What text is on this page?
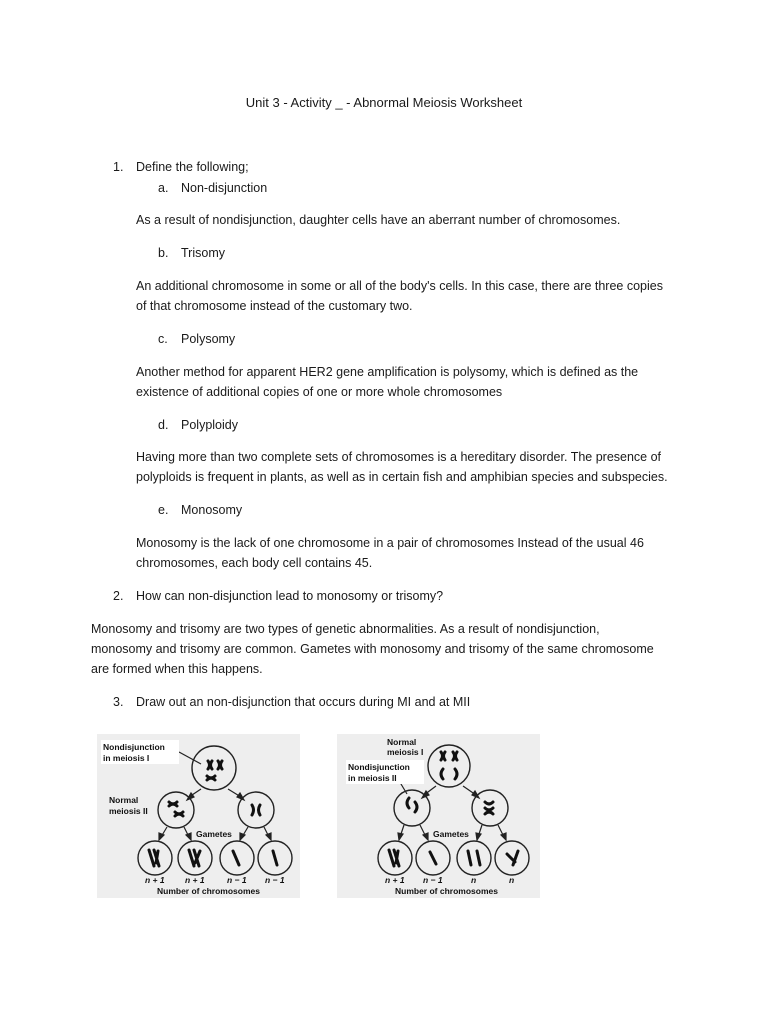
Unit 3 - Activity _ - Abnormal Meiosis Worksheet
1. Define the following;
a. Non-disjunction
As a result of nondisjunction, daughter cells have an aberrant number of chromosomes.
b. Trisomy
An additional chromosome in some or all of the body's cells. In this case, there are three copies
of that chromosome instead of the customary two.
c. Polysomy
Another method for apparent HER2 gene amplification is polysomy, which is defined as the
existence of additional copies of one or more whole chromosomes
d. Polyploidy
Having more than two complete sets of chromosomes is a hereditary disorder. The presence of
polyploids is frequent in plants, as well as in certain fish and amphibian species and subspecies.
e. Monosomy
Monosomy is the lack of one chromosome in a pair of chromosomes Instead of the usual 46
chromosomes, each body cell contains 45.
2. How can non-disjunction lead to monosomy or trisomy?
Monosomy and trisomy are two types of genetic abnormalities. As a result of nondisjunction,
monosomy and trisomy are common. Gametes with monosomy and trisomy of the same chromosome
are formed when this happens.
3. Draw out an non-disjunction that occurs during MI and at MII
Nondisjunction
in meiosis I
Normal
meiosis II
Gametes
n + 1 n + 1	n − 1 n − 1
Number of chromosomes
Normal
meiosis I
Nondisjunction
in meiosis II
Gametes
n + 1 n − 1	n	n
Number of chromosomes
